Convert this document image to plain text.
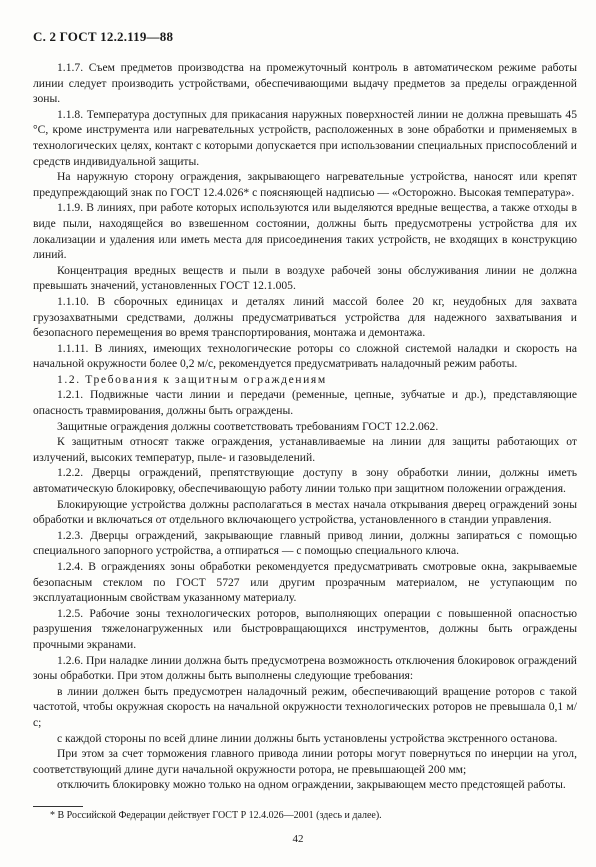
С. 2 ГОСТ 12.2.119—88

1.1.7. Съем предметов производства на промежуточный контроль в автоматическом режиме работы линии следует производить устройствами, обеспечивающими выдачу предметов за пределы огражденной зоны.

1.1.8. Температура доступных для прикасания наружных поверхностей линии не должна превышать 45 °С, кроме инструмента или нагревательных устройств, расположенных в зоне обработки и применяемых в технологических целях, контакт с которыми допускается при использовании специальных приспособлений и средств индивидуальной защиты.

На наружную сторону ограждения, закрывающего нагревательные устройства, наносят или крепят предупреждающий знак по ГОСТ 12.4.026* с поясняющей надписью — «Осторожно. Высокая температура».

1.1.9. В линиях, при работе которых используются или выделяются вредные вещества, а также отходы в виде пыли, находящейся во взвешенном состоянии, должны быть предусмотрены устройства для их локализации и удаления или иметь места для присоединения таких устройств, не входящих в конструкцию линий.

Концентрация вредных веществ и пыли в воздухе рабочей зоны обслуживания линии не должна превышать значений, установленных ГОСТ 12.1.005.

1.1.10. В сборочных единицах и деталях линий массой более 20 кг, неудобных для захвата грузозахватными средствами, должны предусматриваться устройства для надежного захватывания и безопасного перемещения во время транспортирования, монтажа и демонтажа.

1.1.11. В линиях, имеющих технологические роторы со сложной системой наладки и скорость на начальной окружности более 0,2 м/с, рекомендуется предусматривать наладочный режим работы.

1.2. Требования к защитным ограждениям

1.2.1. Подвижные части линии и передачи (ременные, цепные, зубчатые и др.), представляющие опасность травмирования, должны быть ограждены.

Защитные ограждения должны соответствовать требованиям ГОСТ 12.2.062.

К защитным относят также ограждения, устанавливаемые на линии для защиты работающих от излучений, высоких температур, пыле- и газовыделений.

1.2.2. Дверцы ограждений, препятствующие доступу в зону обработки линии, должны иметь автоматическую блокировку, обеспечивающую работу линии только при защитном положении ограждения.

Блокирующие устройства должны располагаться в местах начала открывания дверец ограждений зоны обработки и включаться от отдельного включающего устройства, установленного в стандии управления.

1.2.3. Дверцы ограждений, закрывающие главный привод линии, должны запираться с помощью специального запорного устройства, а отпираться — с помощью специального ключа.

1.2.4. В ограждениях зоны обработки рекомендуется предусматривать смотровые окна, закрываемые безопасным стеклом по ГОСТ 5727 или другим прозрачным материалом, не уступающим по эксплуатационным свойствам указанному материалу.

1.2.5. Рабочие зоны технологических роторов, выполняющих операции с повышенной опасностью разрушения тяжелонагруженных или быстровращающихся инструментов, должны быть ограждены прочными экранами.

1.2.6. При наладке линии должна быть предусмотрена возможность отключения блокировок ограждений зоны обработки. При этом должны быть выполнены следующие требования:

в линии должен быть предусмотрен наладочный режим, обеспечивающий вращение роторов с такой частотой, чтобы окружная скорость на начальной окружности технологических роторов не превышала 0,1 м/с;

с каждой стороны по всей длине линии должны быть установлены устройства экстренного останова.

При этом за счет торможения главного привода линии роторы могут повернуться по инерции на угол, соответствующий длине дуги начальной окружности ротора, не превышающей 200 мм;

отключить блокировку можно только на одном ограждении, закрывающем место предстоящей работы.

* В Российской Федерации действует ГОСТ Р 12.4.026—2001 (здесь и далее).
42
